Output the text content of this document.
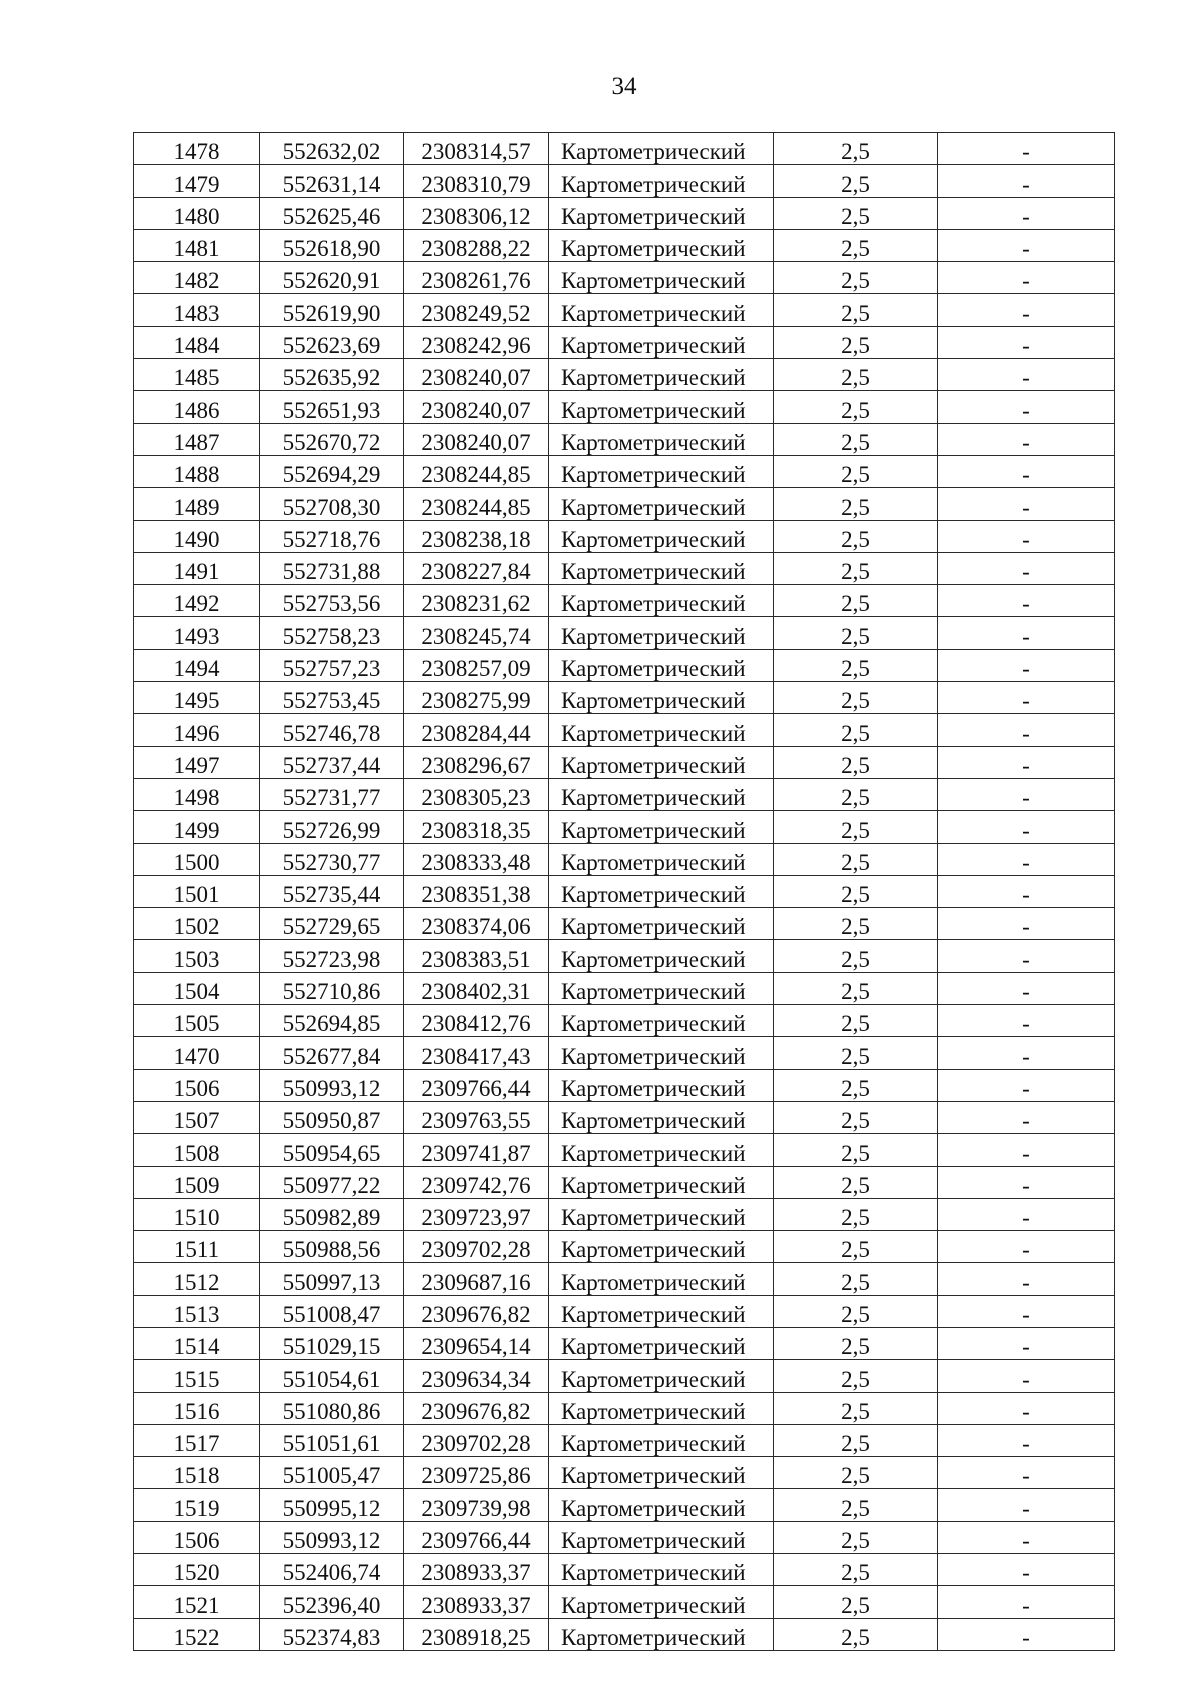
34
1478	552632,02	2308314,57	Картометрический	2,5	-
1479	552631,14	2308310,79	Картометрический	2,5	-
1480	552625,46	2308306,12	Картометрический	2,5	-
1481	552618,90	2308288,22	Картометрический	2,5	-
1482	552620,91	2308261,76	Картометрический	2,5	-
1483	552619,90	2308249,52	Картометрический	2,5	-
1484	552623,69	2308242,96	Картометрический	2,5	-
1485	552635,92	2308240,07	Картометрический	2,5	-
1486	552651,93	2308240,07	Картометрический	2,5	-
1487	552670,72	2308240,07	Картометрический	2,5	-
1488	552694,29	2308244,85	Картометрический	2,5	-
1489	552708,30	2308244,85	Картометрический	2,5	-
1490	552718,76	2308238,18	Картометрический	2,5	-
1491	552731,88	2308227,84	Картометрический	2,5	-
1492	552753,56	2308231,62	Картометрический	2,5	-
1493	552758,23	2308245,74	Картометрический	2,5	-
1494	552757,23	2308257,09	Картометрический	2,5	-
1495	552753,45	2308275,99	Картометрический	2,5	-
1496	552746,78	2308284,44	Картометрический	2,5	-
1497	552737,44	2308296,67	Картометрический	2,5	-
1498	552731,77	2308305,23	Картометрический	2,5	-
1499	552726,99	2308318,35	Картометрический	2,5	-
1500	552730,77	2308333,48	Картометрический	2,5	-
1501	552735,44	2308351,38	Картометрический	2,5	-
1502	552729,65	2308374,06	Картометрический	2,5	-
1503	552723,98	2308383,51	Картометрический	2,5	-
1504	552710,86	2308402,31	Картометрический	2,5	-
1505	552694,85	2308412,76	Картометрический	2,5	-
1470	552677,84	2308417,43	Картометрический	2,5	-
1506	550993,12	2309766,44	Картометрический	2,5	-
1507	550950,87	2309763,55	Картометрический	2,5	-
1508	550954,65	2309741,87	Картометрический	2,5	-
1509	550977,22	2309742,76	Картометрический	2,5	-
1510	550982,89	2309723,97	Картометрический	2,5	-
1511	550988,56	2309702,28	Картометрический	2,5	-
1512	550997,13	2309687,16	Картометрический	2,5	-
1513	551008,47	2309676,82	Картометрический	2,5	-
1514	551029,15	2309654,14	Картометрический	2,5	-
1515	551054,61	2309634,34	Картометрический	2,5	-
1516	551080,86	2309676,82	Картометрический	2,5	-
1517	551051,61	2309702,28	Картометрический	2,5	-
1518	551005,47	2309725,86	Картометрический	2,5	-
1519	550995,12	2309739,98	Картометрический	2,5	-
1506	550993,12	2309766,44	Картометрический	2,5	-
1520	552406,74	2308933,37	Картометрический	2,5	-
1521	552396,40	2308933,37	Картометрический	2,5	-
1522	552374,83	2308918,25	Картометрический	2,5	-
